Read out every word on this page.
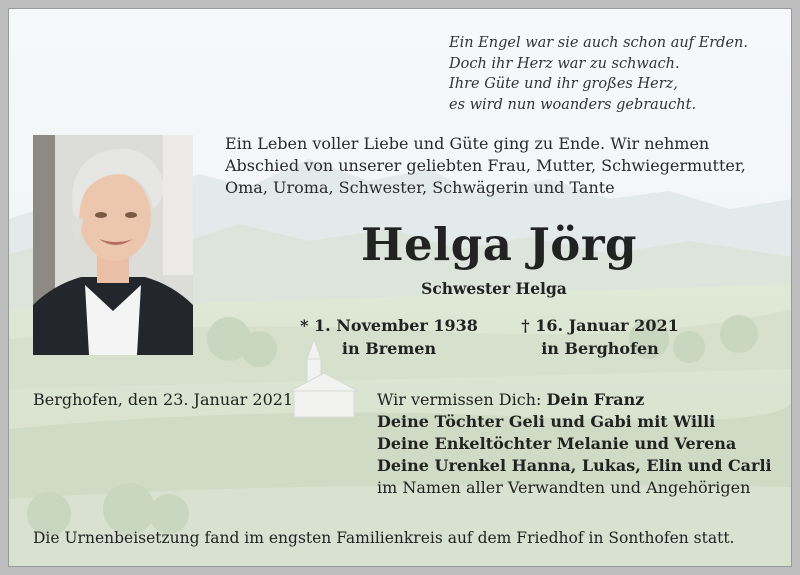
Ein Engel war sie auch schon auf Erden.
Doch ihr Herz war zu schwach.
Ihre Güte und ihr großes Herz,
es wird nun woanders gebraucht.
Ein Leben voller Liebe und Güte ging zu Ende. Wir nehmen
Abschied von unserer geliebten Frau, Mutter, Schwiegermutter,
Oma, Uroma, Schwester, Schwägerin und Tante
Helga Jörg
Schwester Helga
* 1. November 1938
in Bremen
† 16. Januar 2021
in Berghofen
Berghofen, den 23. Januar 2021	Wir vermissen Dich: Dein Franz
Deine Töchter Geli und Gabi mit Willi
Deine Enkeltöchter Melanie und Verena
Deine Urenkel Hanna, Lukas, Elin und Carli
im Namen aller Verwandten und Angehörigen
Die Urnenbeisetzung fand im engsten Familienkreis auf dem Friedhof in Sonthofen statt.
